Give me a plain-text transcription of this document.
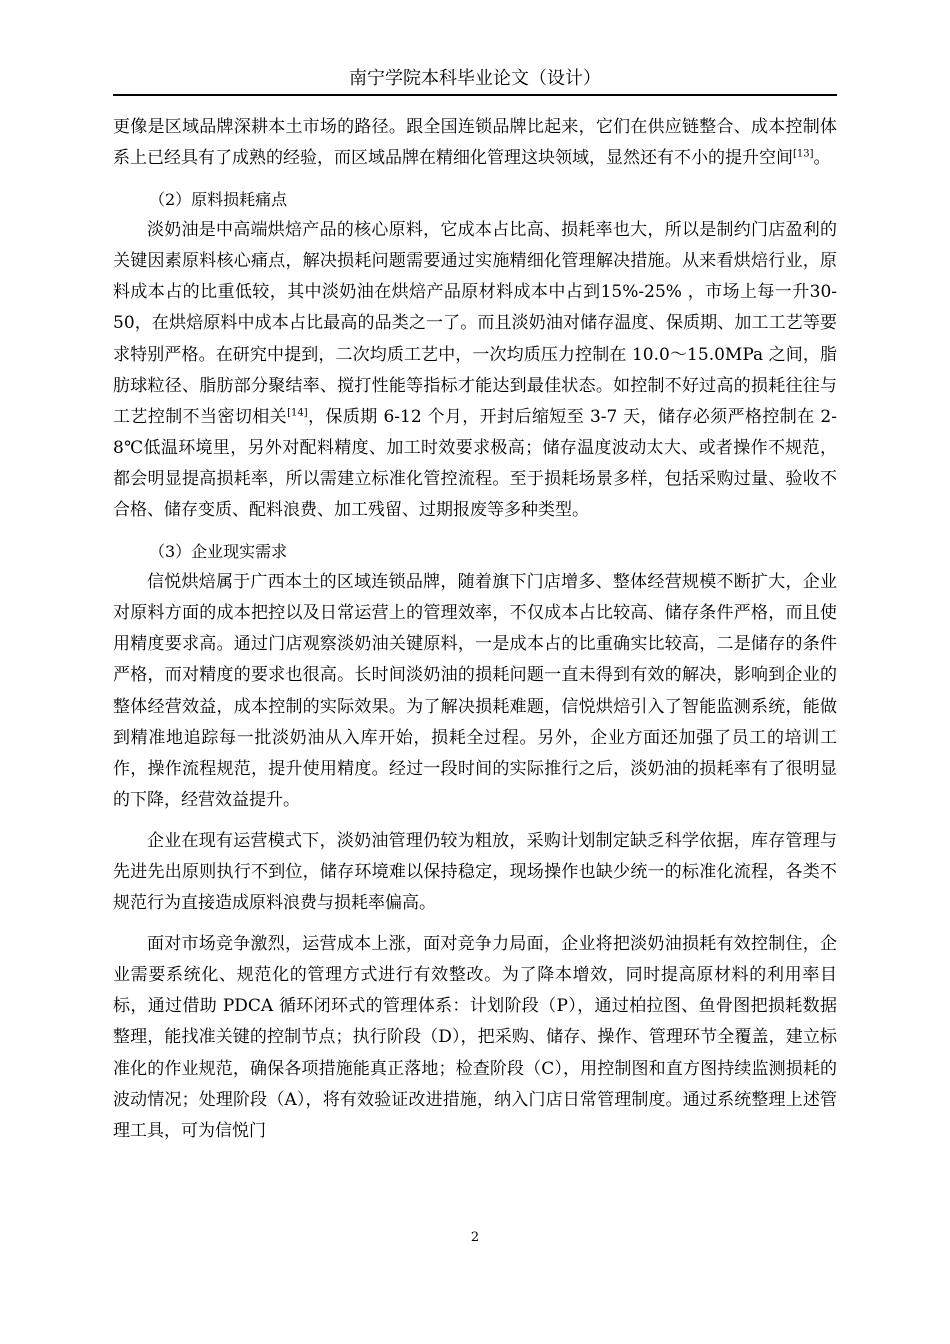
南宁学院本科毕业论文（设计）

更像是区域品牌深耕本土市场的路径。跟全国连锁品牌比起来，它们在供应链整合、成本控制体系上已经具有了成熟的经验，而区域品牌在精细化管理这块领域，显然还有不小的提升空间[13]。

（2）原料损耗痛点

淡奶油是中高端烘焙产品的核心原料，它成本占比高、损耗率也大，所以是制约门店盈利的关键因素原料核心痛点，解决损耗问题需要通过实施精细化管理解决措施。从来看烘焙行业，原料成本占的比重低较，其中淡奶油在烘焙产品原材料成本中占到15%-25% ，市场上每一升30-50，在烘焙原料中成本占比最高的品类之一了。而且淡奶油对储存温度、保质期、加工工艺等要求特别严格。在研究中提到，二次均质工艺中，一次均质压力控制在 10.0～15.0MPa 之间，脂肪球粒径、脂肪部分聚结率、搅打性能等指标才能达到最佳状态。如控制不好过高的损耗往往与工艺控制不当密切相关[14]，保质期 6-12 个月，开封后缩短至 3-7 天，储存必须严格控制在 2-8℃低温环境里，另外对配料精度、加工时效要求极高；储存温度波动太大、或者操作不规范，都会明显提高损耗率，所以需建立标准化管控流程。至于损耗场景多样，包括采购过量、验收不合格、储存变质、配料浪费、加工残留、过期报废等多种类型。

（3）企业现实需求

信悦烘焙属于广西本土的区域连锁品牌，随着旗下门店增多、整体经营规模不断扩大，企业对原料方面的成本把控以及日常运营上的管理效率，不仅成本占比较高、储存条件严格，而且使用精度要求高。通过门店观察淡奶油关键原料，一是成本占的比重确实比较高，二是储存的条件严格，而对精度的要求也很高。长时间淡奶油的损耗问题一直未得到有效的解决，影响到企业的整体经营效益，成本控制的实际效果。为了解决损耗难题，信悦烘焙引入了智能监测系统，能做到精准地追踪每一批淡奶油从入库开始，损耗全过程。另外，企业方面还加强了员工的培训工作，操作流程规范，提升使用精度。经过一段时间的实际推行之后，淡奶油的损耗率有了很明显的下降，经营效益提升。

企业在现有运营模式下，淡奶油管理仍较为粗放，采购计划制定缺乏科学依据，库存管理与先进先出原则执行不到位，储存环境难以保持稳定，现场操作也缺少统一的标准化流程，各类不规范行为直接造成原料浪费与损耗率偏高。

面对市场竞争激烈，运营成本上涨，面对竞争力局面，企业将把淡奶油损耗有效控制住，企业需要系统化、规范化的管理方式进行有效整改。为了降本增效，同时提高原材料的利用率目标，通过借助 PDCA 循环闭环式的管理体系：计划阶段（P），通过柏拉图、鱼骨图把损耗数据整理，能找准关键的控制节点；执行阶段（D），把采购、储存、操作、管理环节全覆盖，建立标准化的作业规范，确保各项措施能真正落地；检查阶段（C），用控制图和直方图持续监测损耗的波动情况；处理阶段（A），将有效验证改进措施，纳入门店日常管理制度。通过系统整理上述管理工具，可为信悦门

2
